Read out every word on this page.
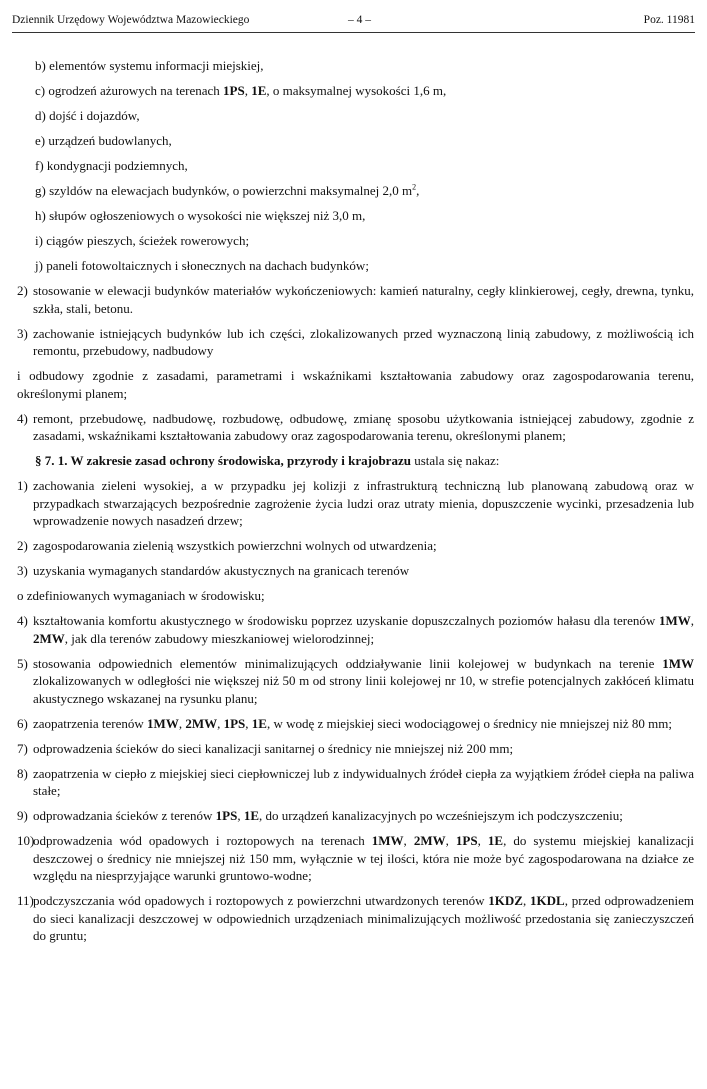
Dziennik Urzędowy Województwa Mazowieckiego	– 4 –	Poz. 11981
b) elementów systemu informacji miejskiej,
c) ogrodzeń ażurowych na terenach 1PS, 1E, o maksymalnej wysokości 1,6 m,
d) dojść i dojazdów,
e) urządzeń budowlanych,
f) kondygnacji podziemnych,
g) szyldów na elewacjach budynków, o powierzchni maksymalnej 2,0 $m^2$,
h) słupów ogłoszeniowych o wysokości nie większej niż 3,0 m,
i) ciągów pieszych, ścieżek rowerowych;
j) paneli fotowoltaicznych i słonecznych na dachach budynków;
2) stosowanie w elewacji budynków materiałów wykończeniowych: kamień naturalny, cegły klinkierowej, cegły, drewna, tynku, szkła, stali, betonu.
3) zachowanie istniejących budynków lub ich części, zlokalizowanych przed wyznaczoną linią zabudowy, z możliwością ich remontu, przebudowy, nadbudowy
i odbudowy zgodnie z zasadami, parametrami i wskaźnikami kształtowania zabudowy oraz zagospodarowania terenu, określonymi planem;
4) remont, przebudowę, nadbudowę, rozbudowę, odbudowę, zmianę sposobu użytkowania istniejącej zabudowy, zgodnie z zasadami, wskaźnikami kształtowania zabudowy oraz zagospodarowania terenu, określonymi planem;
§ 7. 1. W zakresie zasad ochrony środowiska, przyrody i krajobrazu ustala się nakaz:
1) zachowania zieleni wysokiej, a w przypadku jej kolizji z infrastrukturą techniczną lub planowaną zabudową oraz w przypadkach stwarzających bezpośrednie zagrożenie życia ludzi oraz utraty mienia, dopuszczenie wycinki, przesadzenia lub wprowadzenie nowych nasadzeń drzew;
2) zagospodarowania zielenią wszystkich powierzchni wolnych od utwardzenia;
3) uzyskania wymaganych standardów akustycznych na granicach terenów
o zdefiniowanych wymaganiach w środowisku;
4) kształtowania komfortu akustycznego w środowisku poprzez uzyskanie dopuszczalnych poziomów hałasu dla terenów 1MW, 2MW, jak dla terenów zabudowy mieszkaniowej wielorodzinnej;
5) stosowania odpowiednich elementów minimalizujących oddziaływanie linii kolejowej w budynkach na terenie 1MW zlokalizowanych w odległości nie większej niż 50 m od strony linii kolejowej nr 10, w strefie potencjalnych zakłóceń klimatu akustycznego wskazanej na rysunku planu;
6) zaopatrzenia terenów 1MW, 2MW, 1PS, 1E, w wodę z miejskiej sieci wodociągowej o średnicy nie mniejszej niż 80 mm;
7) odprowadzenia ścieków do sieci kanalizacji sanitarnej o średnicy nie mniejszej niż 200 mm;
8) zaopatrzenia w ciepło z miejskiej sieci ciepłowniczej lub z indywidualnych źródeł ciepła za wyjątkiem źródeł ciepła na paliwa stałe;
9) odprowadzania ścieków z terenów 1PS, 1E, do urządzeń kanalizacyjnych po wcześniejszym ich podczyszczeniu;
10)
odprowadzenia wód opadowych i roztopowych na terenach 1MW, 2MW, 1PS, 1E, do systemu miejskiej kanalizacji deszczowej o średnicy nie mniejszej niż 150 mm, wyłącznie w tej ilości, która nie może być zagospodarowana na działce ze względu na niesprzyjające warunki gruntowo-wodne;
11) podczyszczania wód opadowych i roztopowych z powierzchni utwardzonych terenów 1KDZ, 1KDL, przed odprowadzeniem do sieci kanalizacji deszczowej w odpowiednich urządzeniach minimalizujących możliwość przedostania się zanieczyszczeń do gruntu;
